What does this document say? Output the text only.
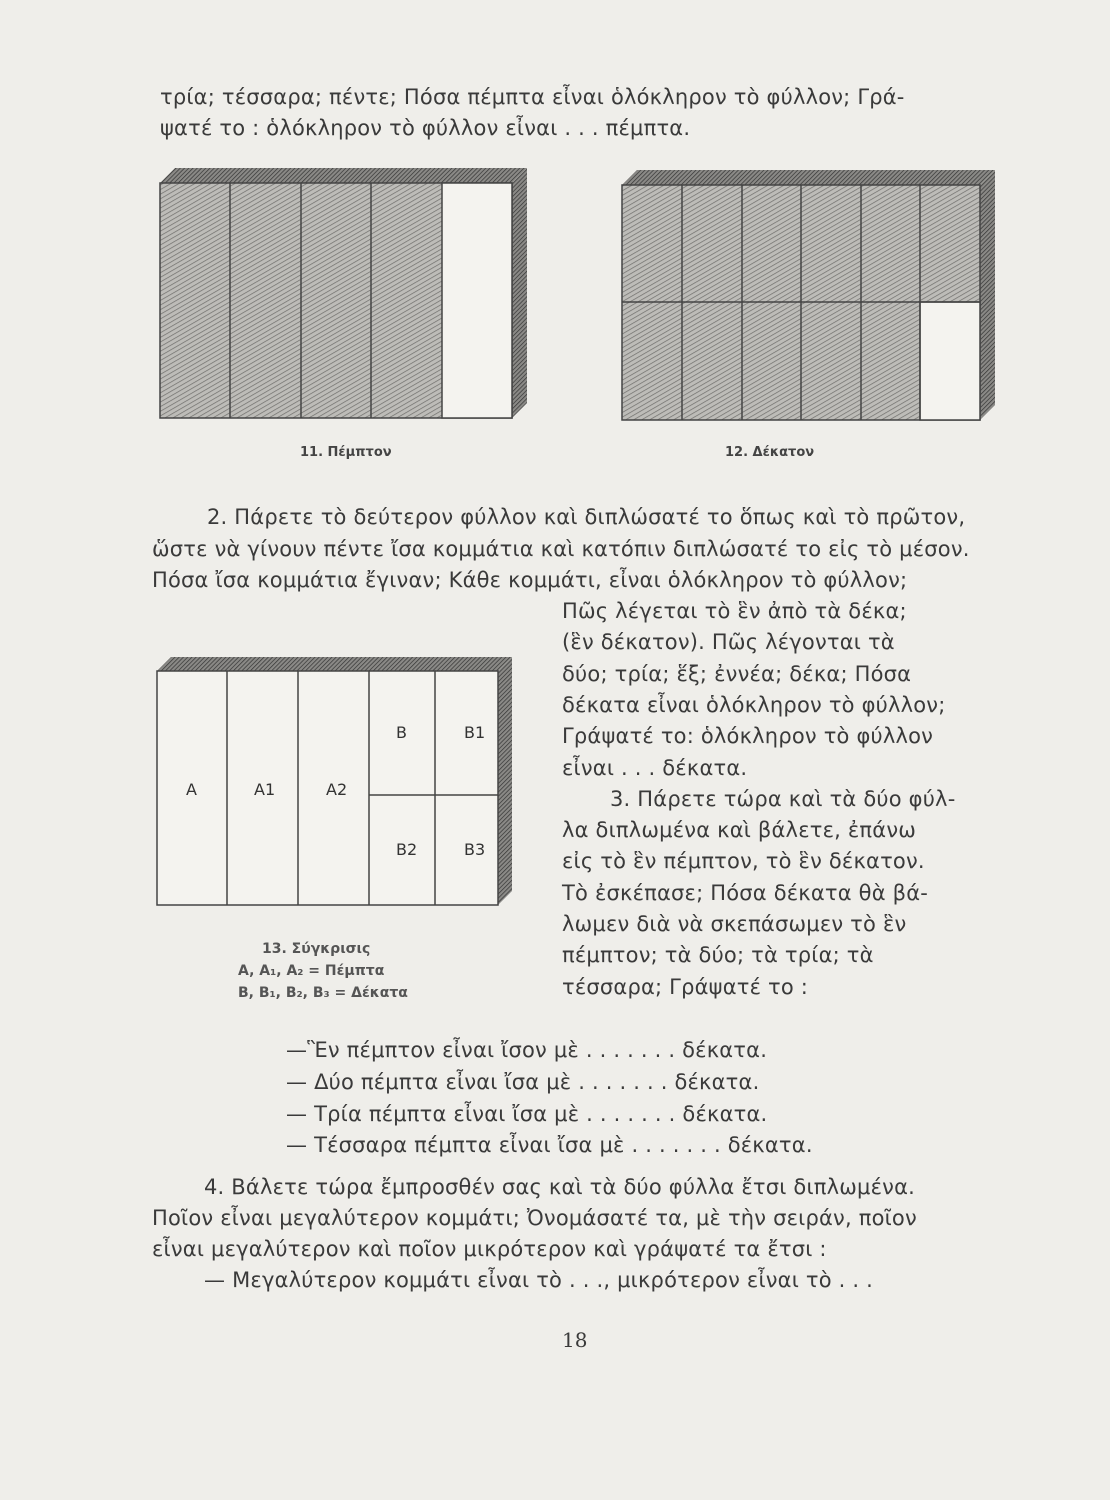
τρία; τέσσαρα; πέντε; Πόσα πέμπτα εἶναι ὁλόκληρον τὸ φύλλον; Γρά-
ψατέ το : ὁλόκληρον τὸ φύλλον εἶναι . . . πέμπτα.
11. Πέμπτον	12. Δέκατον
A	A1	A2
B	B1
B2	B3
13. Σύγκρισις
A, A₁, A₂ = Πέμπτα
B, B₁, B₂, B₃ = Δέκατα
2. Πάρετε τὸ δεύτερον φύλλον καὶ διπλώσατέ το ὅπως καὶ τὸ πρῶτον,
ὥστε νὰ γίνουν πέντε ἴσα κομμάτια καὶ κατόπιν διπλώσατέ το εἰς τὸ μέσον.
Πόσα ἴσα κομμάτια ἔγιναν; Κάθε κομμάτι, εἶναι ὁλόκληρον τὸ φύλλον;
Πῶς λέγεται τὸ ἓν ἀπὸ τὰ δέκα;
(ἓν δέκατον). Πῶς λέγονται τὰ
δύο; τρία; ἕξ; ἐννέα; δέκα; Πόσα
δέκατα εἶναι ὁλόκληρον τὸ φύλλον;
Γράψατέ το: ὁλόκληρον τὸ φύλλον
εἶναι . . . δέκατα.
3. Πάρετε τώρα καὶ τὰ δύο φύλ-
λα διπλωμένα καὶ βάλετε, ἐπάνω
εἰς τὸ ἓν πέμπτον, τὸ ἓν δέκατον.
Τὸ ἐσκέπασε; Πόσα δέκατα θὰ βά-
λωμεν διὰ νὰ σκεπάσωμεν τὸ ἓν
πέμπτον; τὰ δύο; τὰ τρία; τὰ
τέσσαρα; Γράψατέ το :
—Ἓν πέμπτον εἶναι ἴσον μὲ . . . . . . . δέκατα.
— Δύο πέμπτα εἶναι ἴσα μὲ . . . . . . . δέκατα.
— Τρία πέμπτα εἶναι ἴσα μὲ . . . . . . . δέκατα.
— Τέσσαρα πέμπτα εἶναι ἴσα μὲ . . . . . . . δέκατα.
4. Βάλετε τώρα ἔμπροσθέν σας καὶ τὰ δύο φύλλα ἔτσι διπλωμένα.
Ποῖον εἶναι μεγαλύτερον κομμάτι; Ὀνομάσατέ τα, μὲ τὴν σειράν, ποῖον
εἶναι μεγαλύτερον καὶ ποῖον μικρότερον καὶ γράψατέ τα ἔτσι :
— Μεγαλύτερον κομμάτι εἶναι τὸ . . ., μικρότερον εἶναι τὸ . . .
18
